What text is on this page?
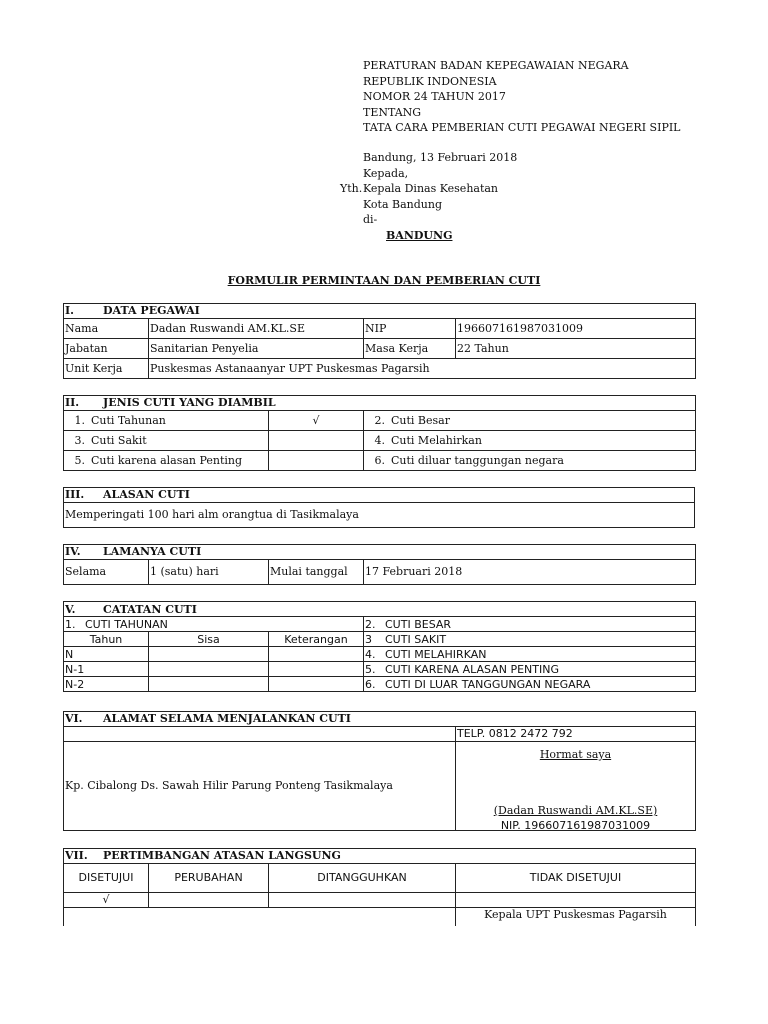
PERATURAN BADAN KEPEGAWAIAN NEGARA
REPUBLIK INDONESIA
NOMOR 24 TAHUN 2017
TENTANG
TATA CARA PEMBERIAN CUTI PEGAWAI NEGERI SIPIL
Bandung, 13 Februari 2018
Kepada,
Yth. Kepala Dinas Kesehatan
Kota Bandung
di-
BANDUNG
FORMULIR PERMINTAAN DAN PEMBERIAN CUTI
I. DATA PEGAWAI			
Nama	Dadan Ruswandi AM.KL.SE	NIP	196607161987031009
Jabatan	Sanitarian Penyelia	Masa Kerja	22 Tahun
Unit Kerja	Puskesmas Astanaanyar UPT Puskesmas Pagarsih		
II. JENIS CUTI YANG DIAMBIL		
1. Cuti Tahunan	√	2. Cuti Besar
3. Cuti Sakit		4. Cuti Melahirkan
5. Cuti karena alasan Penting		6. Cuti diluar tanggungan negara
III. ALASAN CUTI
Memperingati 100 hari alm orangtua di Tasikmalaya
IV. LAMANYA CUTI
Selama	1 (satu) hari	Mulai tanggal	17 Februari 2018
V. CATATAN CUTI			
1. CUTI TAHUNAN			2. CUTI BESAR
Tahun	Sisa	Keterangan	3 CUTI SAKIT
N			4. CUTI MELAHIRKAN
N-1			5. CUTI KARENA ALASAN PENTING
N-2			6. CUTI DI LUAR TANGGUNGAN NEGARA
VI. ALAMAT SELAMA MENJALANKAN CUTI	
	TELP. 0812 2472 792
Kp. Cibalong Ds. Sawah Hilir Parung Ponteng Tasikmalaya	Hormat saya
(Dadan Ruswandi AM.KL.SE)
NIP. 196607161987031009
VII. PERTIMBANGAN ATASAN LANGSUNG			
DISETUJUI	PERUBAHAN	DITANGGUHKAN	TIDAK DISETUJUI
√			
			Kepala UPT Puskesmas Pagarsih
